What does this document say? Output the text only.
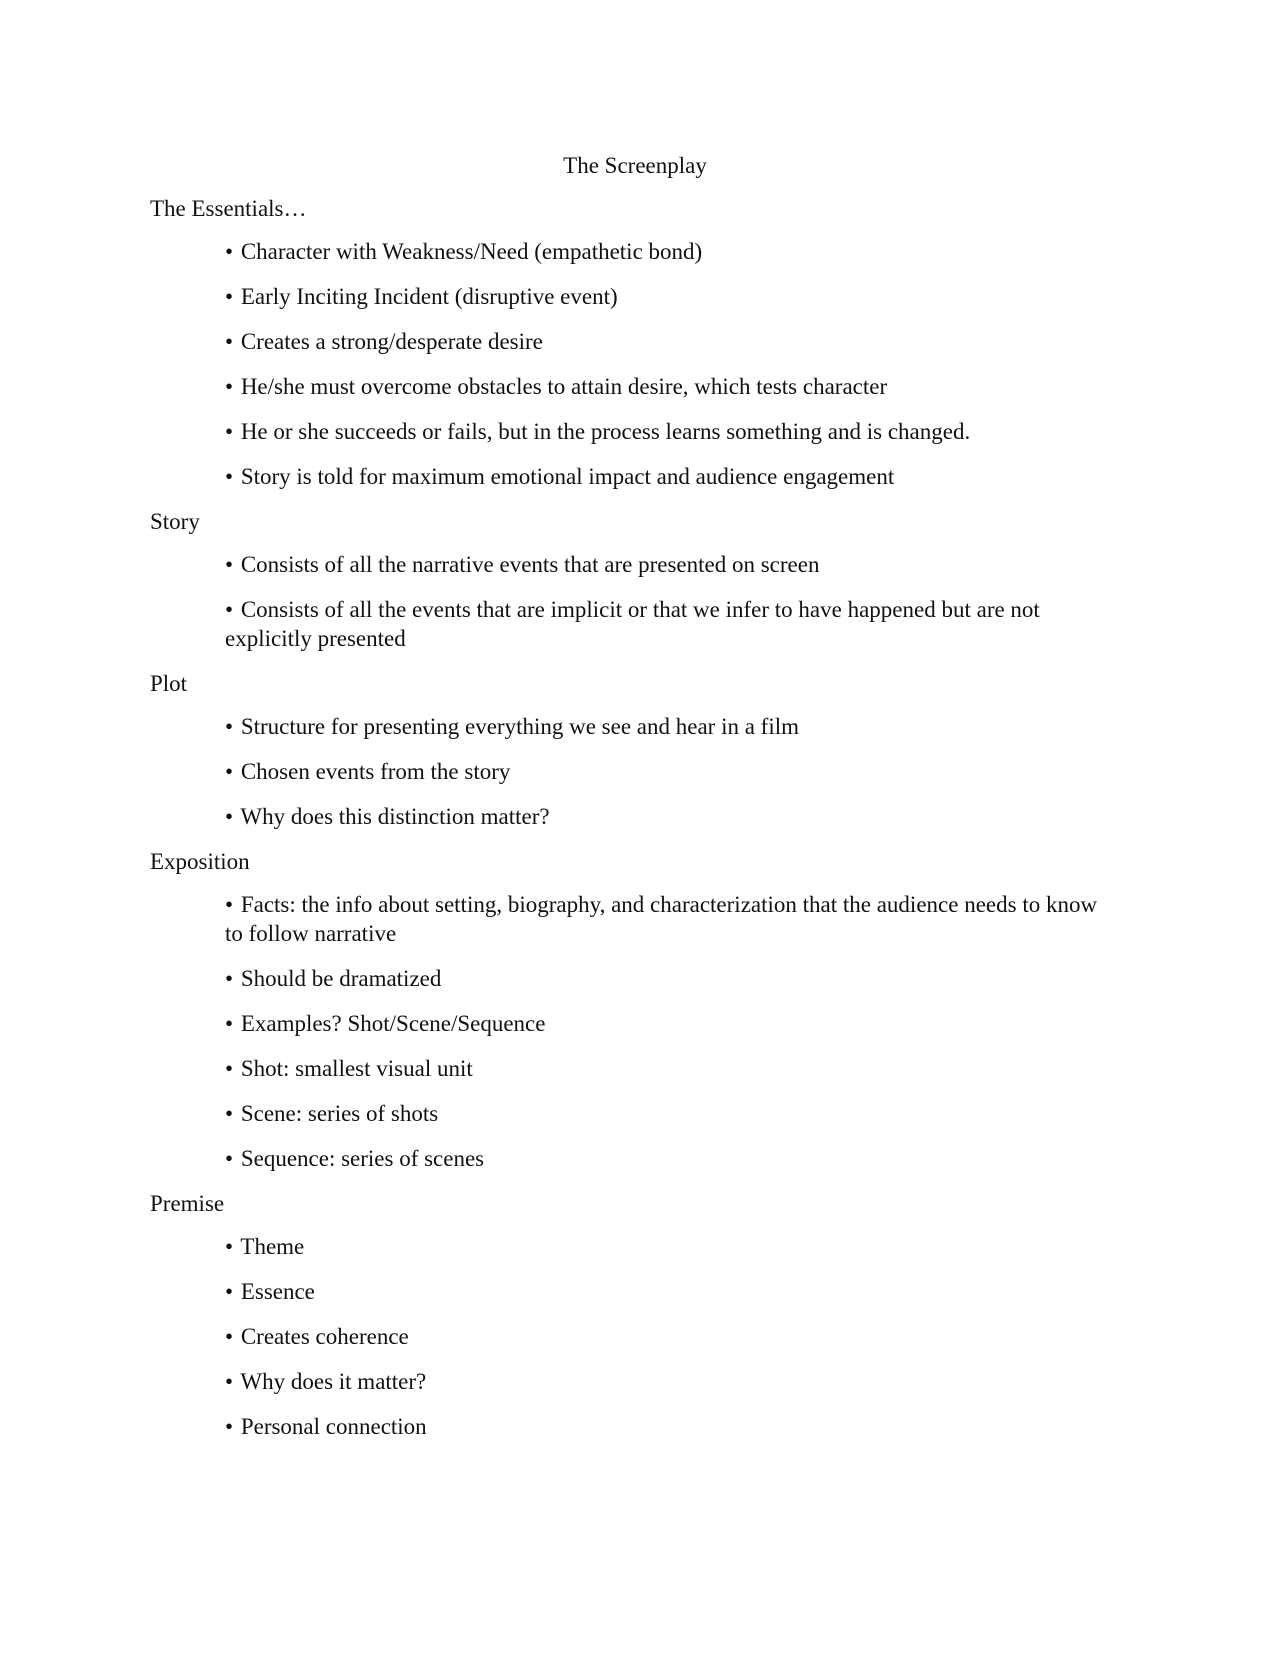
The Screenplay
The Essentials…
• Character with Weakness/Need (empathetic bond)
• Early Inciting Incident (disruptive event)
• Creates a strong/desperate desire
• He/she must overcome obstacles to attain desire, which tests character
• He or she succeeds or fails, but in the process learns something and is changed.
• Story is told for maximum emotional impact and audience engagement
Story
• Consists of all the narrative events that are presented on screen
• Consists of all the events that are implicit or that we infer to have happened but are not explicitly presented
Plot
• Structure for presenting everything we see and hear in a film
• Chosen events from the story
• Why does this distinction matter?
Exposition
• Facts: the info about setting, biography, and characterization that the audience needs to know to follow narrative
• Should be dramatized
• Examples? Shot/Scene/Sequence
• Shot: smallest visual unit
• Scene: series of shots
• Sequence: series of scenes
Premise
• Theme
• Essence
• Creates coherence
• Why does it matter?
• Personal connection
